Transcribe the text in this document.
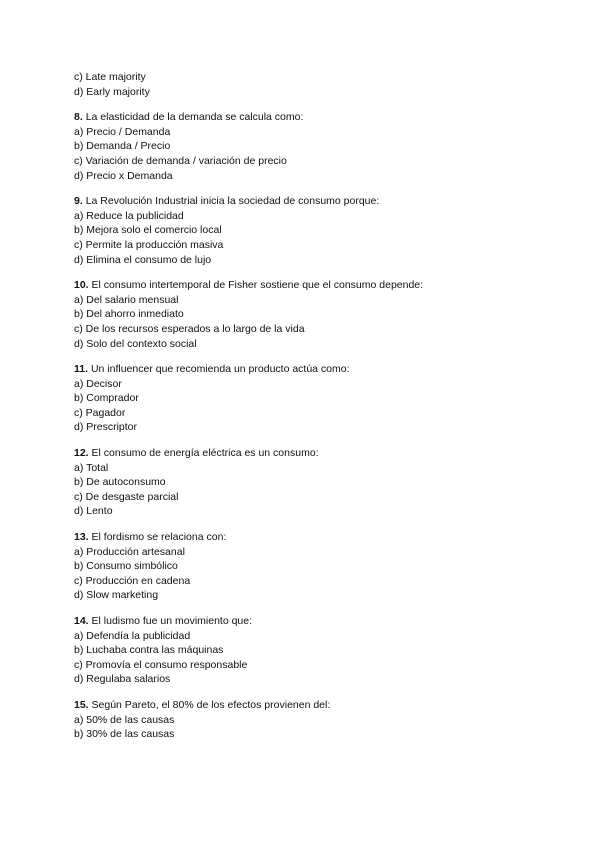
c) Late majority
d) Early majority
8. La elasticidad de la demanda se calcula como:
a) Precio / Demanda
b) Demanda / Precio
c) Variación de demanda / variación de precio
d) Precio x Demanda
9. La Revolución Industrial inicia la sociedad de consumo porque:
a) Reduce la publicidad
b) Mejora solo el comercio local
c) Permite la producción masiva
d) Elimina el consumo de lujo
10. El consumo intertemporal de Fisher sostiene que el consumo depende:
a) Del salario mensual
b) Del ahorro inmediato
c) De los recursos esperados a lo largo de la vida
d) Solo del contexto social
11. Un influencer que recomienda un producto actúa como:
a) Decisor
b) Comprador
c) Pagador
d) Prescriptor
12. El consumo de energía eléctrica es un consumo:
a) Total
b) De autoconsumo
c) De desgaste parcial
d) Lento
13. El fordismo se relaciona con:
a) Producción artesanal
b) Consumo simbólico
c) Producción en cadena
d) Slow marketing
14. El ludismo fue un movimiento que:
a) Defendía la publicidad
b) Luchaba contra las máquinas
c) Promovía el consumo responsable
d) Regulaba salarios
15. Según Pareto, el 80% de los efectos provienen del:
a) 50% de las causas
b) 30% de las causas
